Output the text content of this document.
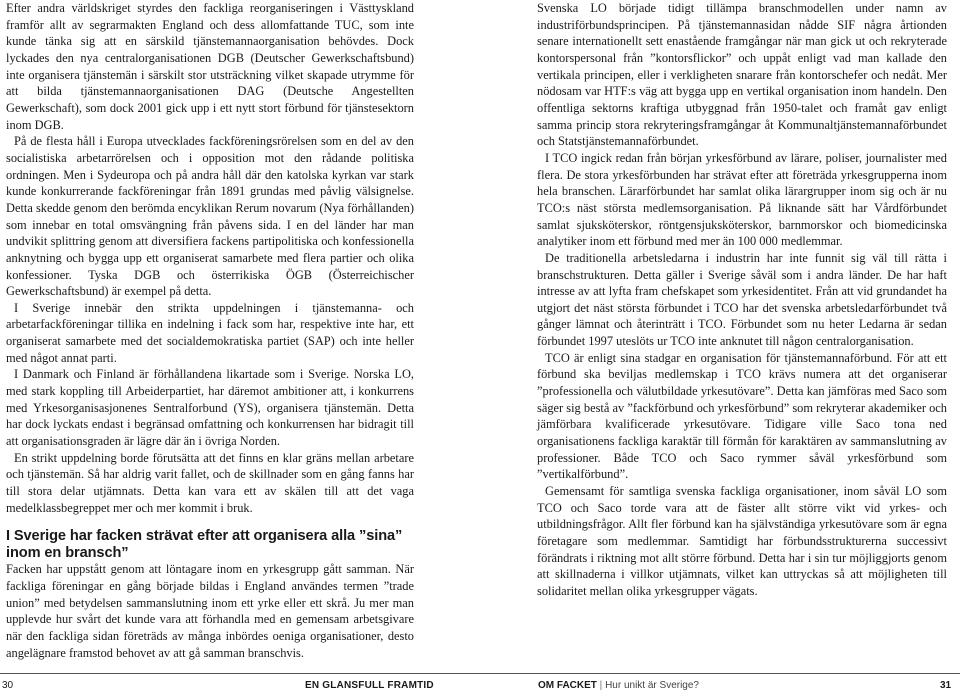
Efter andra världskriget styrdes den fackliga reorganiseringen i Västtyskland framför allt av segrarmakten England och dess allomfattande TUC, som inte kunde tänka sig att en särskild tjänstemannaorganisation behövdes. Dock lyckades den nya centralorganisationen DGB (Deutscher Gewerkschaftsbund) inte organisera tjänstemän i särskilt stor utsträckning vilket skapade utrymme för att bilda tjänstemannaorganisationen DAG (Deutsche Angestellten Gewerkschaft), som dock 2001 gick upp i ett nytt stort förbund för tjänstesektorn inom DGB.

På de flesta håll i Europa utvecklades fackföreningsrörelsen som en del av den socialistiska arbetarrörelsen och i opposition mot den rådande politiska ordningen. Men i Sydeuropa och på andra håll där den katolska kyrkan var stark kunde konkurrerande fackföreningar från 1891 grundas med påvlig välsignelse. Detta skedde genom den berömda encyklikan Rerum novarum (Nya förhållanden) som innebar en total omsvängning från påvens sida. I en del länder har man undvikit splittring genom att diversifiera fackens partipolitiska och konfessionella anknytning och bygga upp ett organiserat samarbete med flera partier och olika konfessioner. Tyska DGB och österrikiska ÖGB (Österreichischer Gewerkschaftsbund) är exempel på detta.

I Sverige innebär den strikta uppdelningen i tjänstemanna- och arbetarfackföreningar tillika en indelning i fack som har, respektive inte har, ett organiserat samarbete med det socialdemokratiska partiet (SAP) och inte heller med något annat parti.

I Danmark och Finland är förhållandena likartade som i Sverige. Norska LO, med stark koppling till Arbeiderpartiet, har däremot ambitioner att, i konkurrens med Yrkesorganisasjonenes Sentralforbund (YS), organisera tjänstemän. Detta har dock lyckats endast i begränsad omfattning och konkurrensen har bidragit till att organisationsgraden är lägre där än i övriga Norden.

En strikt uppdelning borde förutsätta att det finns en klar gräns mellan arbetare och tjänstemän. Så har aldrig varit fallet, och de skillnader som en gång fanns har till stora delar utjämnats. Detta kan vara ett av skälen till att det vaga medelklassbegreppet mer och mer kommit i bruk.

I Sverige har facken strävat efter att organisera alla ”sina” inom en bransch”

Facken har uppstått genom att löntagare inom en yrkesgrupp gått samman. När fackliga föreningar en gång började bildas i England användes termen ”trade union” med betydelsen sammanslutning inom ett yrke eller ett skrå. Ju mer man upplevde hur svårt det kunde vara att förhandla med en gemensam arbetsgivare när den fackliga sidan företräds av många inbördes oeniga organisationer, desto angelägnare framstod behovet av att gå samman branschvis.

Svenska LO började tidigt tillämpa branschmodellen under namn av industriförbundsprincipen. På tjänstemannasidan nådde SIF några årtionden senare internationellt sett enastående framgångar när man gick ut och rekryterade kontorspersonal från ”kontorsflickor” och uppåt enligt vad man kallade den vertikala principen, eller i verkligheten snarare från kontorschefer och nedåt. Mer nödosam var HTF:s väg att bygga upp en vertikal organisation inom handeln. Den offentliga sektorns kraftiga utbyggnad från 1950-talet och framåt gav enligt samma princip stora rekryteringsframgångar åt Kommunaltjänstemannaförbundet och Statstjänstemannaförbundet.

I TCO ingick redan från början yrkesförbund av lärare, poliser, journalister med flera. De stora yrkesförbunden har strävat efter att företräda yrkesgrupperna inom hela branschen. Lärarförbundet har samlat olika lärargrupper inom sig och är nu TCO:s näst största medlemsorganisation. På liknande sätt har Vårdförbundet samlat sjuksköterskor, röntgensjuksköterskor, barnmorskor och biomedicinska analytiker inom ett förbund med mer än 100 000 medlemmar.

De traditionella arbetsledarna i industrin har inte funnit sig väl till rätta i branschstrukturen. Detta gäller i Sverige såväl som i andra länder. De har haft intresse av att lyfta fram chefskapet som yrkesidentitet. Från att vid grundandet ha utgjort det näst största förbundet i TCO har det svenska arbetsledarförbundet två gånger lämnat och återinträtt i TCO. Förbundet som nu heter Ledarna är sedan förbundet 1997 uteslöts ur TCO inte anknutet till någon centralorganisation.

TCO är enligt sina stadgar en organisation för tjänstemannaförbund. För att ett förbund ska beviljas medlemskap i TCO krävs numera att det organiserar ”professionella och välutbildade yrkesutövare”. Detta kan jämföras med Saco som säger sig bestå av ”fackförbund och yrkesförbund” som rekryterar akademiker och jämförbara kvalificerade yrkesutövare. Tidigare ville Saco tona ned organisationens fackliga karaktär till förmån för karaktären av sammanslutning av professioner. Både TCO och Saco rymmer såväl yrkesförbund som ”vertikalförbund”.

Gemensamt för samtliga svenska fackliga organisationer, inom såväl LO som TCO och Saco torde vara att de fäster allt större vikt vid yrkes- och utbildningsfrågor. Allt fler förbund kan ha självständiga yrkesutövare som är egna företagare som medlemmar. Samtidigt har förbundsstrukturerna successivt förändrats i riktning mot allt större förbund. Detta har i sin tur möjliggjorts genom att skillnaderna i villkor utjämnats, vilket kan uttryckas så att möjligheten till solidaritet mellan olika yrkesgrupper vägats.

30	EN GLANSFULL FRAMTID	OM FACKET | Hur unikt är Sverige?	31
